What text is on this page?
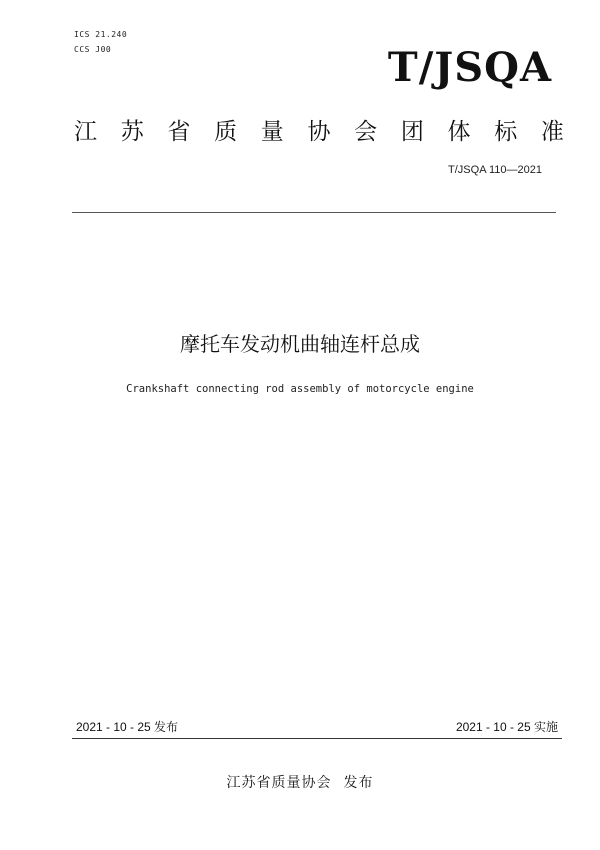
ICS 21.240
CCS J00	T/JSQA
江 苏 省 质 量 协 会 团 体 标 准
T/JSQA 110—2021
摩托车发动机曲轴连杆总成
Crankshaft connecting rod assembly of motorcycle engine
2021 - 10 - 25 发布	2021 - 10 - 25 实施
江苏省质量协会 发布
